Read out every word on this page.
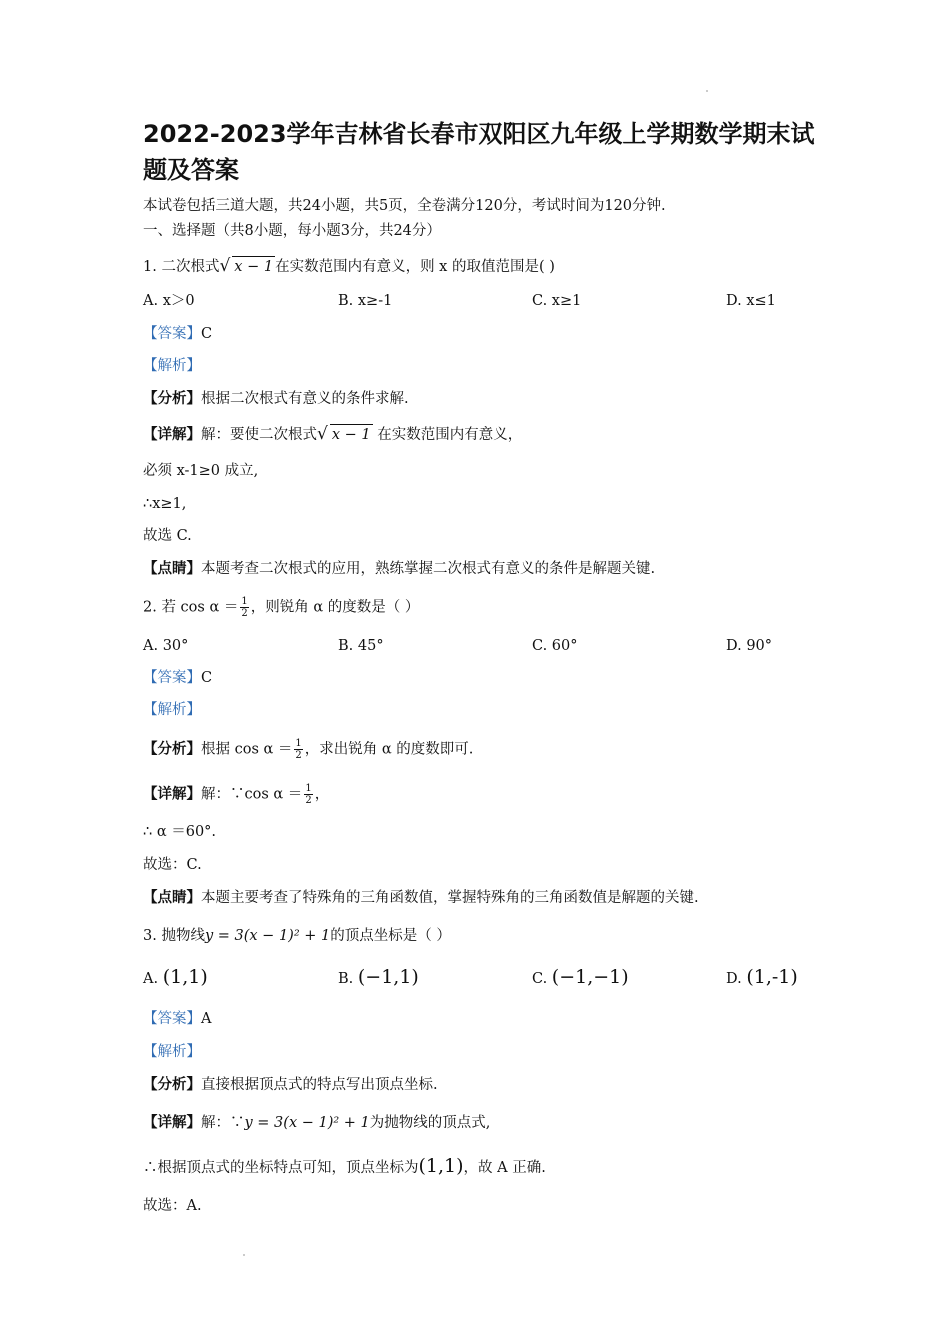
2022-2023学年吉林省长春市双阳区九年级上学期数学期末试题及答案
本试卷包括三道大题，共24小题，共5页，全卷满分120分，考试时间为120分钟.
一、选择题（共8小题，每小题3分，共24分）
1. 二次根式√ x − 1 在实数范围内有意义，则 x 的取值范围是( )
A. x＞0	B. x≥-1	C. x≥1	D. x≤1
【答案】C
【解析】
【分析】根据二次根式有意义的条件求解.
【详解】解：要使二次根式√ x − 1 在实数范围内有意义，
必须 x-1≥0 成立,
∴x≥1,
故选 C.
【点睛】本题考查二次根式的应用，熟练掌握二次根式有意义的条件是解题关键.
2. 若 $\cos \alpha = \frac{1}{2}$ ，则锐角 α 的度数是（ ）
A. 30°	B. 45°	C. 60°	D. 90°
【答案】C
【解析】
【分析】根据 $\cos \alpha = \frac{1}{2}$ ，求出锐角 α 的度数即可.
【详解】解：∵cos $\alpha = \frac{1}{2}$ ，
∴ α ＝60°.
故选：C.
【点睛】本题主要考查了特殊角的三角函数值，掌握特殊角的三角函数值是解题的关键.
3. 抛物线y = 3(x − 1)² + 1的顶点坐标是（ ）
A. (1,1)	B. (−1,1)	C. (−1,−1)	D. (1,-1)
【答案】A
【解析】
【分析】直接根据顶点式的特点写出顶点坐标.
【详解】解：∵y = 3(x − 1)² + 1为抛物线的顶点式,
∴根据顶点式的坐标特点可知，顶点坐标为(1,1)，故 A 正确.
故选：A.
